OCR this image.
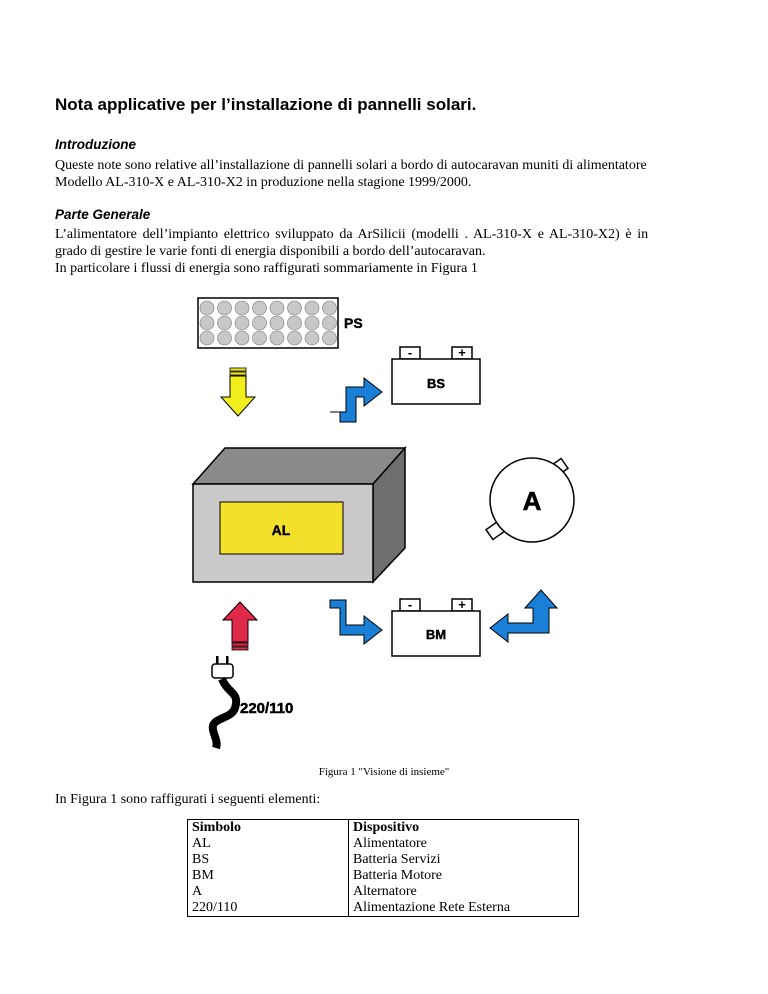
Nota applicative per l’installazione di pannelli solari.
Introduzione
Queste note sono relative all’installazione di pannelli solari a bordo di autocaravan muniti di alimentatore
Modello AL-310-X e AL-310-X2 in produzione nella stagione 1999/2000.
Parte Generale
L’alimentatore dell’impianto elettrico sviluppato da ArSilicii (modelli . AL-310-X e AL-310-X2) è in
grado di gestire le varie fonti di energia disponibili a bordo dell’autocaravan.
In particolare i flussi di energia sono raffigurati sommariamente in Figura 1
PS
-	+
BS
AL
A
-	+
BM
220/110
Figura 1 "Visione di insieme"
In Figura 1 sono raffigurati i seguenti elementi:
Simbolo	Dispositivo
AL	Alimentatore
BS	Batteria Servizi
BM	Batteria Motore
A	Alternatore
220/110	Alimentazione Rete Esterna
